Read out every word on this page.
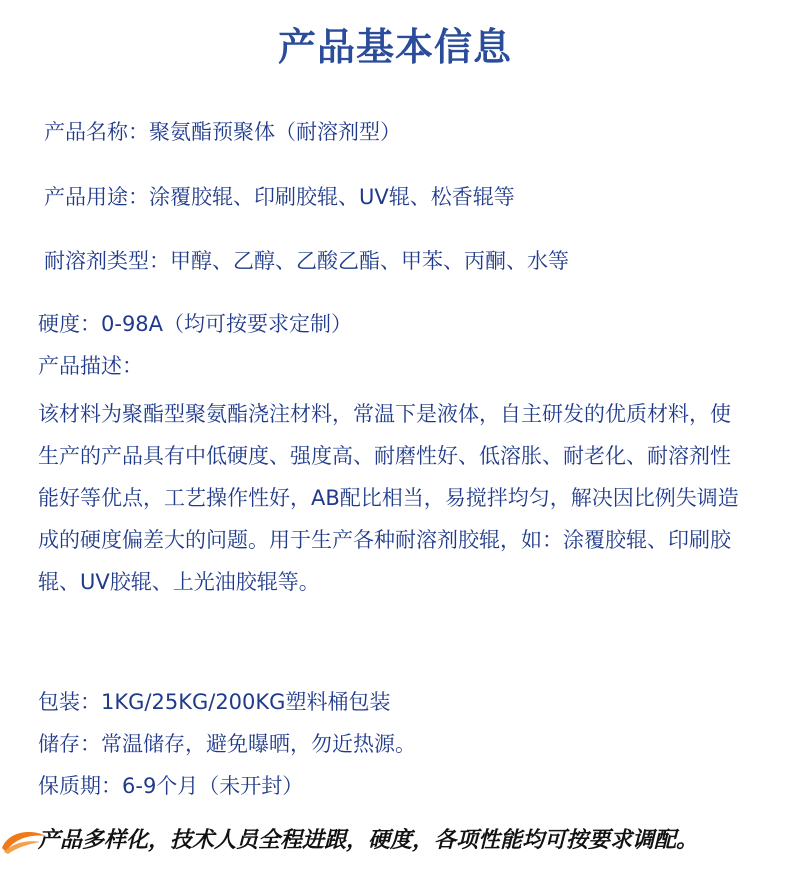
产品基本信息
产品名称：聚氨酯预聚体（耐溶剂型）
产品用途：涂覆胶辊、印刷胶辊、UV辊、松香辊等
耐溶剂类型：甲醇、乙醇、乙酸乙酯、甲苯、丙酮、水等
硬度：0-98A（均可按要求定制）
产品描述：
该材料为聚酯型聚氨酯浇注材料，常温下是液体，自主研发的优质材料，使生产的产品具有中低硬度、强度高、耐磨性好、低溶胀、耐老化、耐溶剂性能好等优点，工艺操作性好，AB配比相当，易搅拌均匀，解决因比例失调造成的硬度偏差大的问题。用于生产各种耐溶剂胶辊，如：涂覆胶辊、印刷胶辊、UV胶辊、上光油胶辊等。
包装：1KG/25KG/200KG塑料桶包装
储存：常温储存，避免曝晒，勿近热源。
保质期：6-9个月（未开封）
产品多样化，技术人员全程进跟，硬度，各项性能均可按要求调配。
